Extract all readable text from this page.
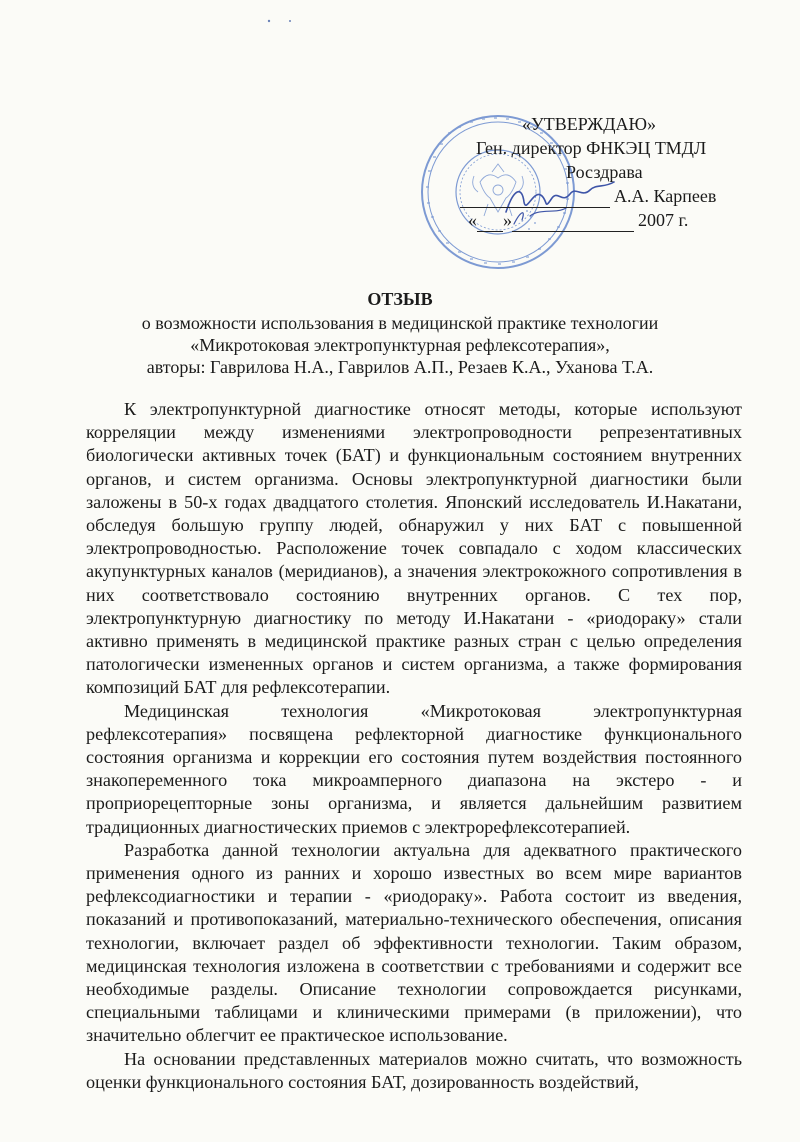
«УТВЕРЖДАЮ»
Ген. директор ФНКЭЦ ТМДЛ
Росздрава
А.А. Карпеев
« »	2007 г.
ОТЗЫВ
о возможности использования в медицинской практике технологии
«Микротоковая электропунктурная рефлексотерапия»,
авторы: Гаврилова Н.А., Гаврилов А.П., Резаев К.А., Уханова Т.А.

К электропунктурной диагностике относят методы, которые используют корреляции между изменениями электропроводности репрезентативных биологически активных точек (БАТ) и функциональным состоянием внутренних органов, и систем организма. Основы электропунктурной диагностики были заложены в 50-х годах двадцатого столетия. Японский исследователь И.Накатани, обследуя большую группу людей, обнаружил у них БАТ с повышенной электропроводностью. Расположение точек совпадало с ходом классических акупунктурных каналов (меридианов), а значения электрокожного сопротивления в них соответствовало состоянию внутренних органов. С тех пор, электропунктурную диагностику по методу И.Накатани - «риодораку» стали активно применять в медицинской практике разных стран с целью определения патологически измененных органов и систем организма, а также формирования композиций БАТ для рефлексотерапии.

Медицинская технология «Микротоковая электропунктурная рефлексотерапия» посвящена рефлекторной диагностике функционального состояния организма и коррекции его состояния путем воздействия постоянного знакопеременного тока микроамперного диапазона на экстеро - и проприорецепторные зоны организма, и является дальнейшим развитием традиционных диагностических приемов с электрорефлексотерапией.

Разработка данной технологии актуальна для адекватного практического применения одного из ранних и хорошо известных во всем мире вариантов рефлексодиагностики и терапии - «риодораку». Работа состоит из введения, показаний и противопоказаний, материально-технического обеспечения, описания технологии, включает раздел об эффективности технологии. Таким образом, медицинская технология изложена в соответствии с требованиями и содержит все необходимые разделы. Описание технологии сопровождается рисунками, специальными таблицами и клиническими примерами (в приложении), что значительно облегчит ее практическое использование.

На основании представленных материалов можно считать, что возможность оценки функционального состояния БАТ, дозированность воздействий,
